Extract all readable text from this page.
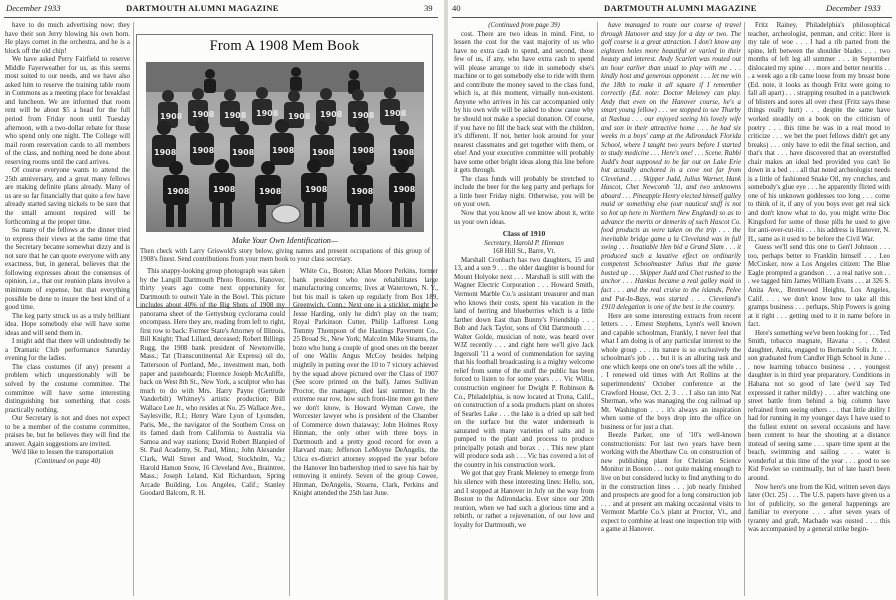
December 1933	DARTMOUTH ALUMNI MAGAZINE	39

have to do much advertising now; they have their son Jerry blowing his own horn. He plays cornet in the orchestra, and he is a block off the old chip!

We have asked Perry Fairfield to reserve Middle Fayerweather for us, as this seems most suited to our needs, and we have also asked him to reserve the training table room in Commons as a meeting place for breakfast and luncheon. We are informed that room rent will be about $5 a head for the full period from Friday noon until Tuesday afternoon, with a two-dollar rebate for those who spend only one night. The College will mail room reservation cards to all members of the class, and nothing need be done about reserving rooms until the card arrives.

Of course everyone wants to attend the 25th anniversary, and a great many fellows are making definite plans already. Many of us are so far financially that quite a few have already started saving nickels to be sure that the small amount required will be forthcoming at the proper time.

So many of the fellows at the dinner tried to express their views at the same time that the Secretary became somewhat dizzy and is not sure that he can quote everyone with any exactness, but, in general, believes that the following expresses about the consensus of opinion, i.e., that our reunion plans involve a minimum of expense, but that everything possible be done to insure the best kind of a good time.

The keg party struck us as a truly brilliant idea. Hope somebody else will have some ideas and will send them in.

I might add that there will undoubtedly be a Dramatic Club performance Saturday evening for the ladies.

The class costumes (if any) present a problem which unquestionably will be solved by the costume committee. The committee will have some interesting distinguishing but something that costs practically nothing.

Our Secretary is not and does not expect to be a member of the costume committee, praises be, but he believes they will find the answer. Again suggestions are invited.

We'd like to lessen the transportation

(Continued on page 40)

From A 1908 Mem Book
1908 1908 1908 1908 1908 1908 1908 1908
1908 1908 1908 1908 1908 1908 1908
1908	1908	1908	1908	1908 1908
Make Your Own Identification—
Then check with Larry Griswold's story below, giving names and present occupations of this group of 1908's finest. Send contributions from your mem book to your class secretary.

This snappy-looking group photograph was taken by the Langill Dartmouth Photo Rooms, Hanover, thirty years ago come next opportunity for Dartmouth to outwit Yale in the Bowl. This picture includes about 40% of the Big Shots of 1908 my panorama sheet of the Gettysburg cyclorama could encompass. Here they are, reading from left to right, first row to back: Former State's Attorney of Illinois, Bill Knight; Thad Lillard, deceased; Robert Billings Rugg, the 1908 bank president of Newtonville, Mass.; Tat (Transcontinental Air Express) oil do, Tattersoon of Portland, Me., investment man, both paper and pasteboards; Florence Joseph McAuliffe, back on West 8th St., New York, a sculptor who has much to do with Mrs. Harry Payne (Gertrude Vanderbilt) Whitney's artistic production; Bill Wallace Lee Jr., who resides at No. 25 Wallace Ave., Saylesville, R.I.; Henry Ware Lyon of Lyonsden, Paris, Me., the navigator of the Southern Cross on its famed dash from California to Australia via Samoa and way stations; David Robert Blanpied of St. Paul Academy, St. Paul, Minn.; John Alexander Clark, Wall Street and Wood, Stockholm, Va.; Harold Hamon Snow, 16 Cleveland Ave., Braintree, Mass.; Joseph Leland, Kid Richardson, Spring Arcade Building, Los Angeles, Calif.; Stanley Goodard Balcom, R. H.

White Co., Boston; Allan Moore Perkins, former bank president who now rehabilitates large manufacturing concerns; lives at Watertown, N. Y., but his mail is taken up regularly from Box 189, Greenwich, Conn.; Next one is a stickler, might be Jesse Harding, only he didn't play on the team; Royal Parkinson Cutter, Philip Lafforest Long Tommy Thompson of the Hastings Pavement Co., 25 Broad St., New York; Malcolm Mike Stearns, the bozo who hung a couple of good ones on the beezer of one Wallis Angus McCoy besides helping mightily in putting over the 10 to 7 victory achieved by the squad above pictured over the Class of 1907 (See score printed on the ball). James Sullivan Proctor, the manager, died last summer. In the extreme rear row, how such front-line men got there we don't know, is Howard Wyman Cowe, the Worcester lawyer who is president of the Chamber of Commerce down thataway; John Holmes Roxy Hinman, the only other with three boys in Dartmouth and a pretty good record for even a Harvard man; Jefferson LeMoyne DeAngelis, the Utica ex-district attorney stopped the year before the Hanover Inn barbershop tried to save his hair by removing it entirely. Seven of the group Cowee, Hinman, DeAngelis, Stearns, Clark, Perkins and Knight attended the 25th last June.

40	DARTMOUTH ALUMNI MAGAZINE	December 1933

(Continued from page 39)

cost. There are two ideas in mind. First, to lessen the cost for the vast majority of us who have no extra cash to spend, and second, those few of us, if any, who have extra cash to spend will please arrange to ride in somebody else's machine or to get somebody else to ride with them and contribute the money saved to the class fund, which is, at this moment, virtually non-existent. Anyone who arrives in his car accompanied only by his own wife will be asked to show cause why he should not make a special donation. Of course, if you have no fill the back seat with the children, it's different. If not, better look around for your nearest classmates and get together with them, or else! And your executive committee will probably have some other bright ideas along this line before it gets through.

The class funds will probably be stretched to include the beer for the keg party and perhaps for a little beer Friday night. Otherwise, you will be on your own.

Now that you know all we know about it, write us your own ideas.

Class of 1910

Secretary, Harold P. Hinman

168 Hill St., Barre, Vt.

Marshall Cronbach has two daughters, 15 and 13, and a son 9 . . . the older daughter is bound for Mount Holyoke next . . . Marshall is still with the Wagner Electric Corporation . . . Howard Smith, Vermont Marble Co.'s assistant treasurer and man who knows their costs, spent his vacation in the land of herring and blueberries which is a little farther down East than Bunny's Friendship . . . Bob and Jack Taylor, sons of Old Dartmouth . . . Walter Golde, musician of note, was heard over WJZ recently . . . and right here we'll give Jack Ingersoll '11 a word of commendation for saying that his football broadcasting is a mighty welcome relief from some of the stuff the public has been forced to listen to for some years . . . Vic Willis, construction engineer for Dwight P. Robinson & Co., Philadelphia, is now located at Trona, Calif., on construction of a soda products plant on shores of Searles Lake . . . the lake is a dried up salt bed on the surface but the water underneath is saturated with many varieties of salts and is pumped to the plant and process to produce principally potash and borax . . . This new plant will produce soda ash . . . Vic has covered a lot of the country in his construction work.

We got that guy Frank Meleney to emerge from his silence with these interesting lines: Hello, son, and I stopped at Hanover in July on the way from Boston to the Adirondacks. Ever since our 20th reunion, when we had such a glorious time and a rebirth, or rather a rejuvenation, of our love and loyalty for Dartmouth, we

have managed to route our course of travel through Hanover and stay for a day or two. The golf course is a great attraction. I don't know any eighteen holes more beautiful or varied in their beauty and interest. Andy Scarlett was routed out an hour earlier than usual to play with me . . . kindly host and generous opponent . . . let me win the 18th to make it all square if I remember correctly (Ed. note: Doctor Meleney can play. Andy that even on the Hanover course, he's a smart young fellow) . . . we stopped to see Thurby at Nashua . . . our enjoyed seeing his lovely wife and son in their attractive home . . . he had six weeks in a boys' camp at the Adirondack Florida School, where I taught two years before I started to study medicine . . . Here's one! . . . Scene. Rabbi Judd's boat supposed to be far out on Lake Erie but actually anchored in a cove not far from Cleveland . . . Skipper Judd, Julius Warner, Hank Hascot, Chet Newcomb '11, and two unknowns aboard . . . Pineapple Henry elected himself galley maid or something else (our nautical stuff is not so hot up here in Northern New England) so as to advance the merits or demerits of such Hascot Co. food products as were taken on the trip . . . the inevitable bridge game a la Cleveland was in full swing . . . Insatiable Hen bid a Grand Slam . . . it produced such a laxative effect on ordinarily competent Schoolmaster Julius that the game busted up . . . Skipper Judd and Chet rushed to the anchor . . . Hankus became a real galley maid in fact . . . and the real cruise to the islands, Pelee and Put-In-Bays, was started . . . Cleveland's 1910 delegation is one of the best in the country.

Here are some interesting extracts from recent letters . . . Ernest Stephens, Lynn's well known and capable schoolman, Frankly, I never feel that what I am doing is of any particular interest to the whole group . . . its nature is so exclusively the schoolman's job . . . but it is an alluring task and one which keeps one on one's toes all the while . . . I renewed old times with Art Rollins at the superintendents' October conference at the Crawford House, Oct. 2, 3 . . . I also ran into Nat Sherman, who was managing the cog railroad up Mt. Washington . . . it's always an inspiration when some of the boys drop into the office on business or for just a chat.

Beezle Parker, one of '10's well-known constructionists: For last two years have been working with the Aberthaw Co. on construction of new publishing plant for Christian Science Monitor in Boston . . . not quite making enough to live on but considered lucky to find anything to do in the construction lines . . . job nearly finished and prospects are good for a long construction job . . . and at present am making occasional visits to Vermont Marble Co.'s plant at Proctor, Vt., and expect to combine at least one inspection trip with a game at Hanover.

Fritz Rainey, Philadelphia's philosophical teacher, archeologist, penman, and critic: Here is my tale of woe . . . I had a rib parted from the spine, left between the shoulder blades . . . two months of left leg all summer . . . in September dislocated my spine . . . more and better neuritis . . . a week ago a rib came loose from my breast bone (Ed. note, it looks as though Fritz were going to fall all apart) . . . strapping resulted in a patchwork of blisters and sores all over chest (Fritz says these things really hurt) . . . despite the same have worked steadily on a book on the criticism of poetry . . . this time he was in a real mood to criticize . . . we bet the poet fellows didn't get any breaks) . . . only have to edit the final section, and that's that . . . have discovered that an overstuffed chair makes an ideal bed provided you can't lie down in a bed . . . all that noted archeologist needs is a little of fashioned Snake Oil, my crutches, and somebody's glue eye . . . he apparently flirted with one of his unknown goddesses too long . . . come to think of it, if any of you boys ever get real sick and don't know what to do, you might write Doc Kingsford for some of those pills he used to give for anti-over-cut-itis . . . his address is Hanover, N. H., same as it used to be before the Civil War.

Guess we'll send this one to Gen'l Johnson . . . too, perhaps better to Franklin himself . . . Leo McCusker, now a Los Angeles citizen: The Blue Eagle prompted a grandson . . . a real native son . . . we tagged him James William Evans . . . at 326 S. Anita Ave., Brentwood Heights, Los Angeles, Calif. . . . we don't know how to take all this gramps business . . . perhaps, Ship Powers is going at it right . . . getting used to it in name before in fact.

Here's something we've been looking for . . . Ted Smith, tobacco magnate, Havana . . . Oldest daughter, Anita, engaged to Bernardo Solis Jr. . . . son graduated from Candler High School in June . . . now learning tobacco business . . . youngest daughter is in third year preparatory. Conditions in Habana not so good of late (we'd say Ted expressed it rather mildly) . . . after watching one street battle from behind a big column have refrained from seeing others . . . that little ability I had for running in my younger days I have used to the fullest extent on several occasions and have been content to hear the shooting at a distance instead of seeing same . . . spare time spent at the beach, swimming and sailing . . . water is wonderful at this time of the year . . . good to see Kid Fowler so continually, but of late hasn't been around.

Now here's one from the Kid, written seven days later (Oct. 25) . . . The U.S. papers have given us a lot of publicity, so the general happenings are familiar to everyone . . . after seven years of tyranny and graft, Machado was ousted . . . this was accompanied by a general strike begin-
